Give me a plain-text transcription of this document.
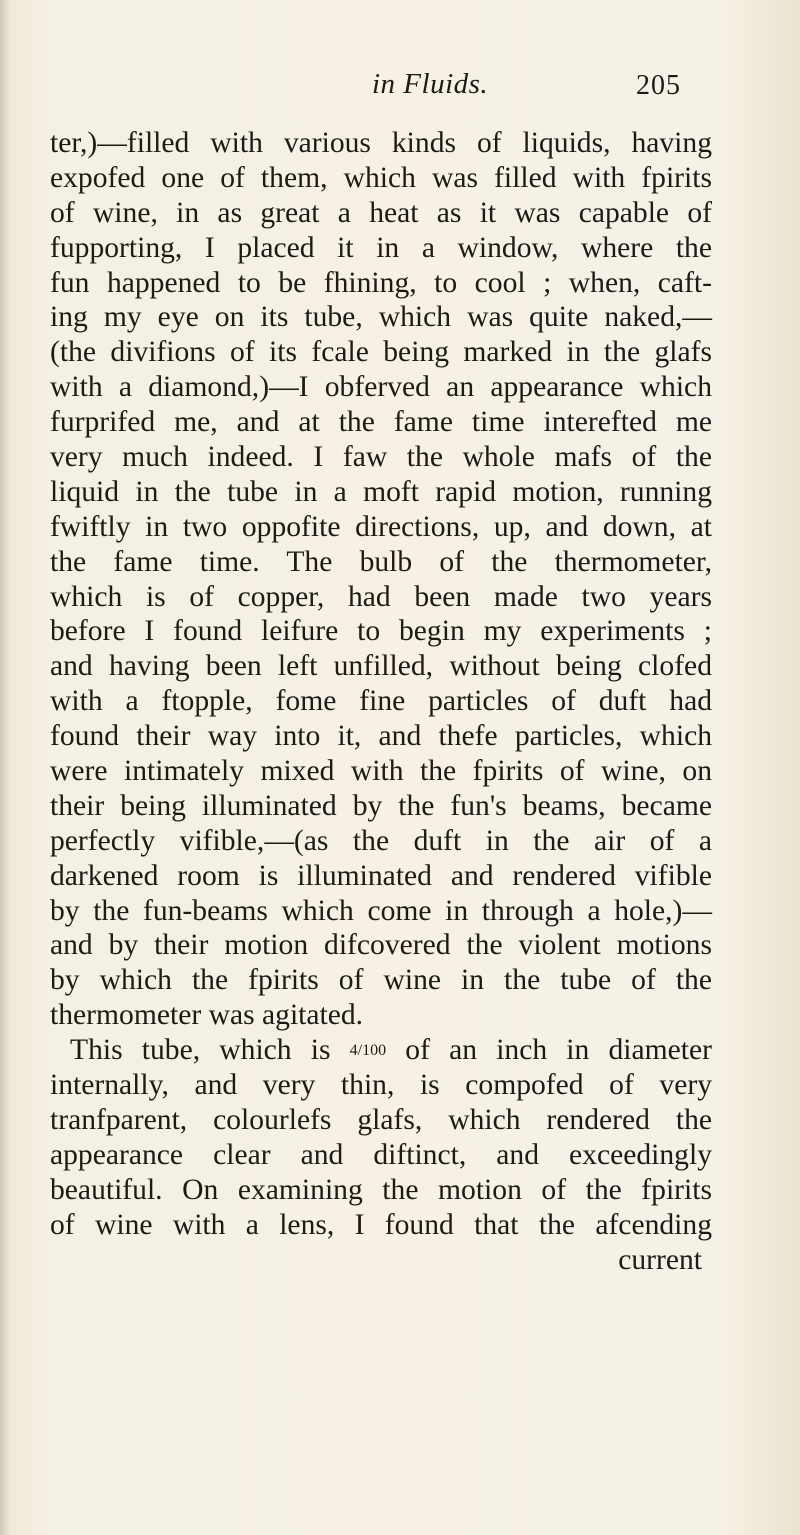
in Fluids.	205
ter,)—filled with various kinds of liquids, having
expofed one of them, which was filled with fpirits
of wine, in as great a heat as it was capable of
fupporting, I placed it in a window, where the
fun happened to be fhining, to cool ; when, caft-
ing my eye on its tube, which was quite naked,—
(the divifions of its fcale being marked in the glafs
with a diamond,)—I obferved an appearance which
furprifed me, and at the fame time interefted me
very much indeed. I faw the whole mafs of the
liquid in the tube in a moft rapid motion, running
fwiftly in two oppofite directions, up, and down, at
the fame time. The bulb of the thermometer,
which is of copper, had been made two years
before I found leifure to begin my experiments ;
and having been left unfilled, without being clofed
with a ftopple, fome fine particles of duft had
found their way into it, and thefe particles, which
were intimately mixed with the fpirits of wine, on
their being illuminated by the fun's beams, became
perfectly vifible,—(as the duft in the air of a
darkened room is illuminated and rendered vifible
by the fun-beams which come in through a hole,)—
and by their motion difcovered the violent motions
by which the fpirits of wine in the tube of the
thermometer was agitated.
This tube, which is 4/100 of an inch in diameter
internally, and very thin, is compofed of very
tranfparent, colourlefs glafs, which rendered the
appearance clear and diftinct, and exceedingly
beautiful. On examining the motion of the fpirits
of wine with a lens, I found that the afcending
current
